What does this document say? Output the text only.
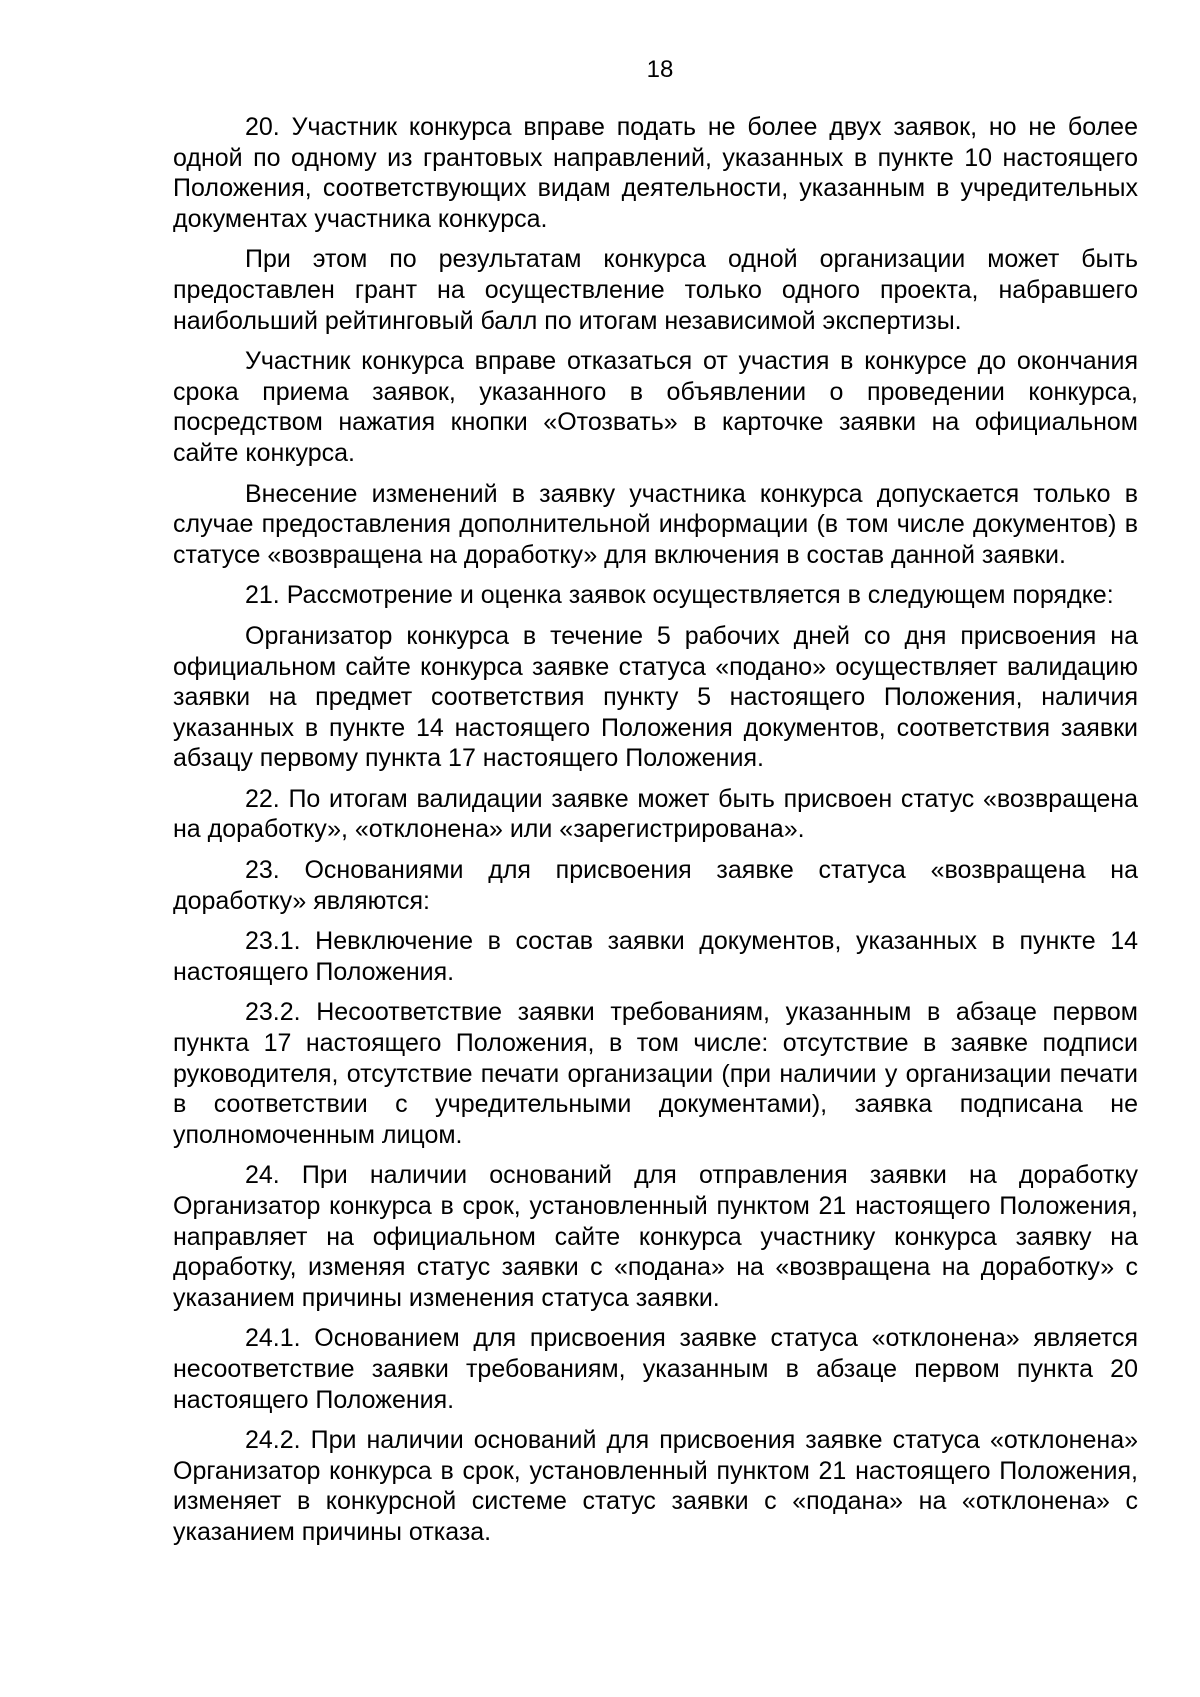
18

20. Участник конкурса вправе подать не более двух заявок, но не более одной по одному из грантовых направлений, указанных в пункте 10 настоящего Положения, соответствующих видам деятельности, указанным в учредительных документах участника конкурса.

При этом по результатам конкурса одной организации может быть предоставлен грант на осуществление только одного проекта, набравшего наибольший рейтинговый балл по итогам независимой экспертизы.

Участник конкурса вправе отказаться от участия в конкурсе до окончания срока приема заявок, указанного в объявлении о проведении конкурса, посредством нажатия кнопки «Отозвать» в карточке заявки на официальном сайте конкурса.

Внесение изменений в заявку участника конкурса допускается только в случае предоставления дополнительной информации (в том числе документов) в статусе «возвращена на доработку» для включения в состав данной заявки.

21. Рассмотрение и оценка заявок осуществляется в следующем порядке:

Организатор конкурса в течение 5 рабочих дней со дня присвоения на официальном сайте конкурса заявке статуса «подано» осуществляет валидацию заявки на предмет соответствия пункту 5 настоящего Положения, наличия указанных в пункте 14 настоящего Положения документов, соответствия заявки абзацу первому пункта 17 настоящего Положения.

22. По итогам валидации заявке может быть присвоен статус «возвращена на доработку», «отклонена» или «зарегистрирована».

23. Основаниями для присвоения заявке статуса «возвращена на доработку» являются:

23.1. Невключение в состав заявки документов, указанных в пункте 14 настоящего Положения.

23.2. Несоответствие заявки требованиям, указанным в абзаце первом пункта 17 настоящего Положения, в том числе: отсутствие в заявке подписи руководителя, отсутствие печати организации (при наличии у организации печати в соответствии с учредительными документами), заявка подписана не уполномоченным лицом.

24. При наличии оснований для отправления заявки на доработку Организатор конкурса в срок, установленный пунктом 21 настоящего Положения, направляет на официальном сайте конкурса участнику конкурса заявку на доработку, изменяя статус заявки с «подана» на «возвращена на доработку» с указанием причины изменения статуса заявки.

24.1. Основанием для присвоения заявке статуса «отклонена» является несоответствие заявки требованиям, указанным в абзаце первом пункта 20 настоящего Положения.

24.2. При наличии оснований для присвоения заявке статуса «отклонена» Организатор конкурса в срок, установленный пунктом 21 настоящего Положения, изменяет в конкурсной системе статус заявки с «подана» на «отклонена» с указанием причины отказа.
